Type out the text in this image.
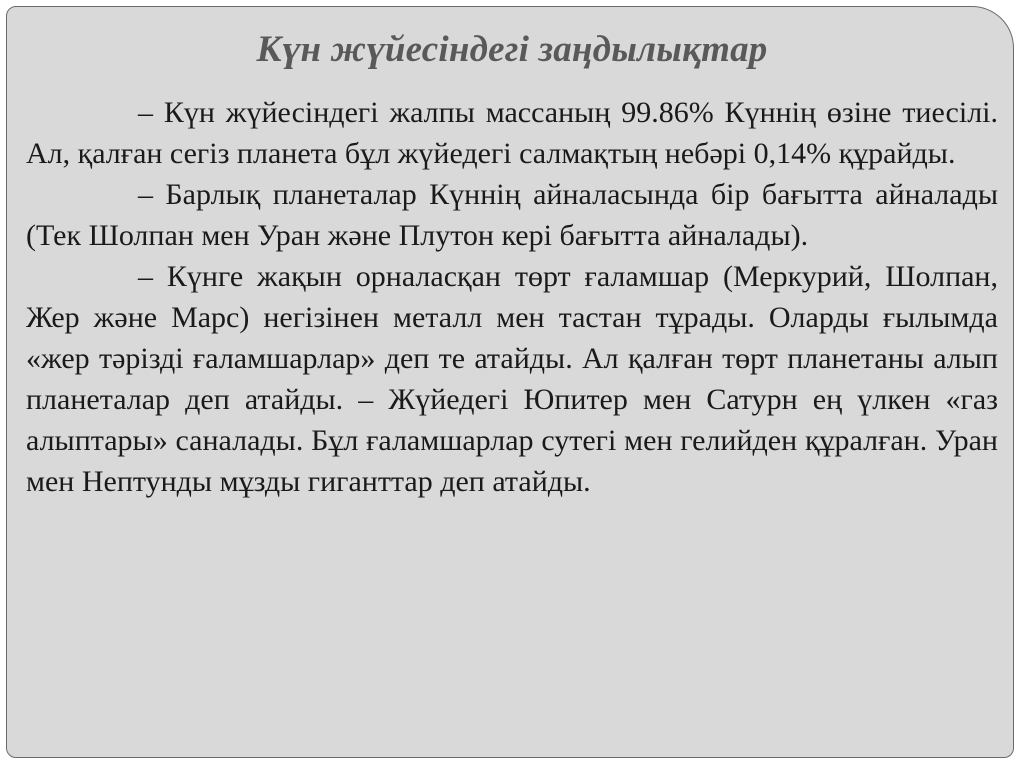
Күн жүйесіндегі заңдылықтар

– Күн жүйесіндегі жалпы массаның 99.86% Күннің өзіне тиесілі. Ал, қалған сегіз планета бұл жүйедегі салмақтың небәрі 0,14% құрайды.

– Барлық планеталар Күннің айналасында бір бағытта айналады (Тек Шолпан мен Уран және Плутон кері бағытта айналады).

– Күнге жақын орналасқан төрт ғаламшар (Меркурий, Шолпан, Жер және Марс) негізінен металл мен тастан тұрады. Оларды ғылымда «жер тәрізді ғаламшарлар» деп те атайды. Ал қалған төрт планетаны алып планеталар деп атайды. – Жүйедегі Юпитер мен Сатурн ең үлкен «газ алыптары» саналады. Бұл ғаламшарлар сутегі мен гелийден құралған. Уран мен Нептунды мұзды гиганттар деп атайды.
